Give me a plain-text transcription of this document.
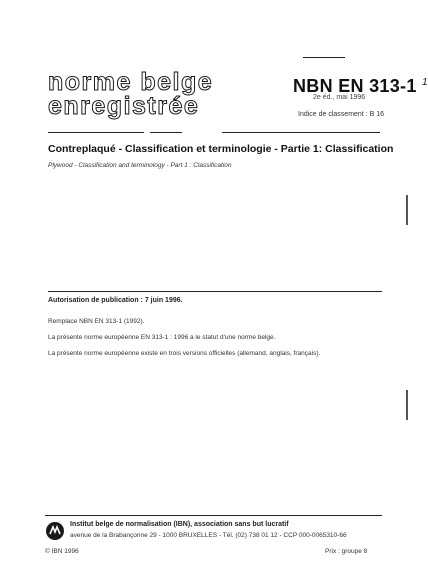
norme belge
enregistrée
NBN EN 313-1 $^1$
2e éd., mai 1996
Indice de classement : B 16
Contreplaqué - Classification et terminologie - Partie 1: Classification
Plywood - Classification and terminology - Part 1 : Classification
Autorisation de publication : 7 juin 1996.
Remplace NBN EN 313-1 (1992).
La présente norme européenne EN 313-1 : 1996 a le statut d'une norme belge.
La présente norme européenne existe en trois versions officielles (allemand, anglais, français).
Institut belge de normalisation (IBN), association sans but lucratif
avenue de la Brabançonne 29 - 1000 BRUXELLES - Tél. (02) 738 01 12 - CCP 000-0065310-66
© IBN 1996	Prix : groupe 8
